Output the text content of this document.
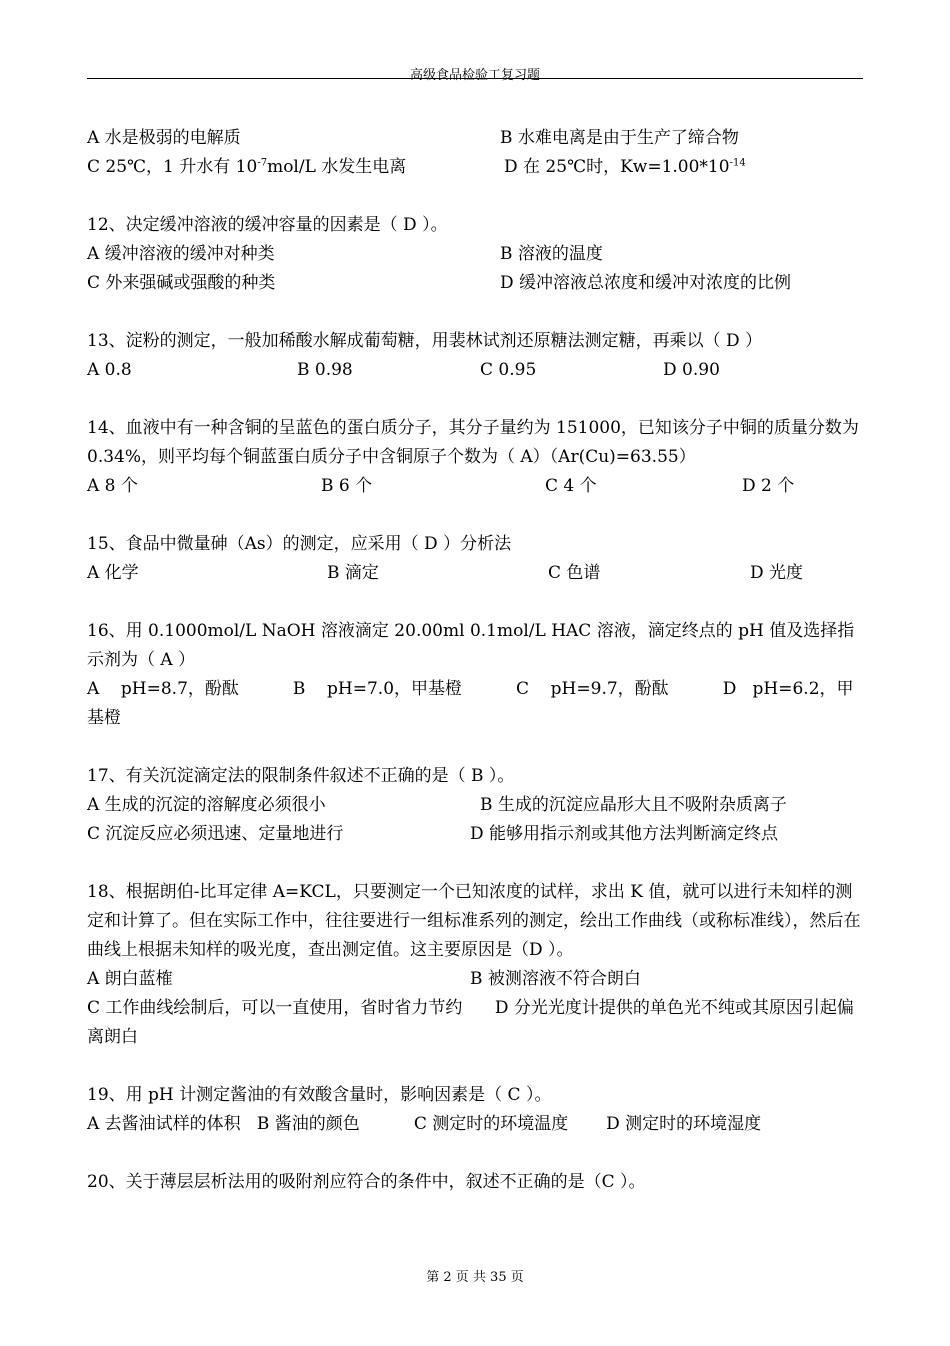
高级食品检验工复习题
A 水是极弱的电解质	B 水难电离是由于生产了缔合物
C 25℃，1 升水有 $10^{-7}mol/L$ 水发生电离	D 在 25℃时，$Kw=1.00*10^{-14}$
12、决定缓冲溶液的缓冲容量的因素是（ D ）。
A 缓冲溶液的缓冲对种类	B 溶液的温度
C 外来强碱或强酸的种类	D 缓冲溶液总浓度和缓冲对浓度的比例
13、淀粉的测定，一般加稀酸水解成葡萄糖，用裴林试剂还原糖法测定糖，再乘以（ D ）
A 0.8	B 0.98	C 0.95	D 0.90
14、血液中有一种含铜的呈蓝色的蛋白质分子，其分子量约为 151000，已知该分子中铜的质量分数为 0.34%，则平均每个铜蓝蛋白质分子中含铜原子个数为（ A）（Ar(Cu)=63.55）
A 8 个	B 6 个	C 4 个	D 2 个
15、食品中微量砷（As）的测定，应采用（ D ）分析法
A 化学	B 滴定	C 色谱	D 光度
16、用 0.1000mol/L NaOH 溶液滴定 20.00ml 0.1mol/L HAC 溶液，滴定终点的 pH 值及选择指示剂为（ A ）
A    pH=8.7，酚酞          B    pH=7.0，甲基橙          C    pH=9.7，酚酞          D   pH=6.2，甲基橙
17、有关沉淀滴定法的限制条件叙述不正确的是（ B ）。
A 生成的沉淀的溶解度必须很小	B 生成的沉淀应晶形大且不吸附杂质离子
C 沉淀反应必须迅速、定量地进行	D 能够用指示剂或其他方法判断滴定终点
18、根据朗伯-比耳定律 A=KCL，只要测定一个已知浓度的试样，求出 K 值，就可以进行未知样的测定和计算了。但在实际工作中，往往要进行一组标准系列的测定，绘出工作曲线（或称标准线），然后在曲线上根据未知样的吸光度，查出测定值。这主要原因是（D ）。
A 朗白蓝榷	B 被测溶液不符合朗白
C 工作曲线绘制后，可以一直使用，省时省力节约      D 分光光度计提供的单色光不纯或其原因引起偏离朗白
19、用 pH 计测定酱油的有效酸含量时，影响因素是（ C ）。
A 去酱油试样的体积   B 酱油的颜色          C 测定时的环境温度       D 测定时的环境湿度
20、关于薄层层析法用的吸附剂应符合的条件中，叙述不正确的是（C ）。
第 2 页 共 35 页
